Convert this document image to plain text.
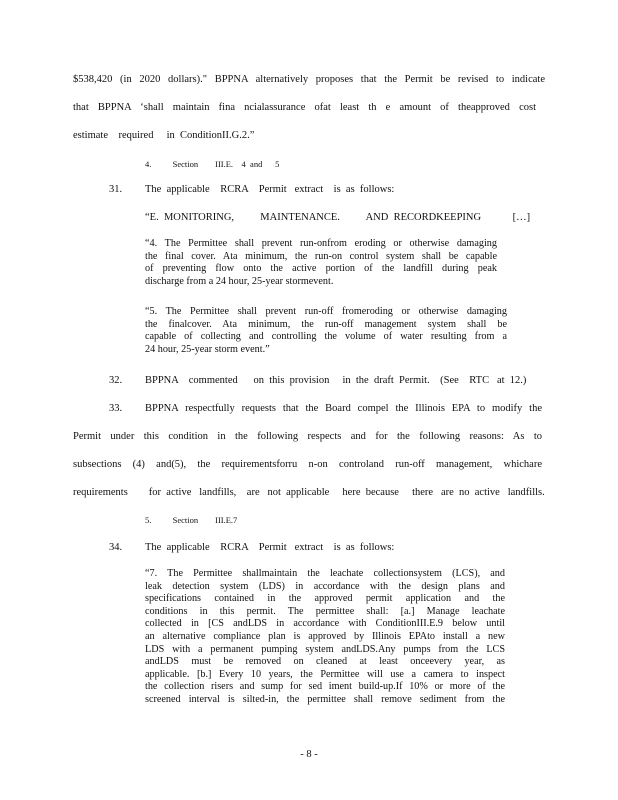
$538,420 (in 2020 dollars)." BPPNA alternatively proposes that the Permit be revised to indicate
that BPPNA ‘shall maintain fina ncialassurance ofat least th e amount of theapproved cost
estimate    required     in  ConditionII.G.2.”
4.          Section        III.E.    4  and      5
31. The  applicable    RCRA    Permit   extract    is  as  follows:
“E.  MONITORING,          MAINTENANCE.          AND  RECORDKEEPING            […]
“4. The Permittee shall prevent run-onfrom eroding or otherwise damaging
the final cover. Ata minimum, the run-on control system shall be capable
of preventing flow onto the active portion of the landfill during peak
discharge from a 24 hour, 25-year stormevent.
“5. The Permittee shall prevent run-off fromeroding or otherwise damaging
the finalcover. Ata minimum, the run-off management system shall be
capable of collecting and controlling the volume of water resulting from a
24 hour, 25-year storm event.”
32. BPPNA    commented      on  this  provision     in  the  draft  Permit.    (See    RTC   at  12.)
33. BPPNA respectfully requests that the Board compel the Illinois EPA to modify the
Permit under this condition in the following respects and for the following reasons: As to
subsections (4) and(5), the requirementsforru n-on controland run-off management, whichare
requirements        for  active   landfills,    are   not  applicable     here  because     there   are  no  active   landfills.
5.          Section        III.E.7
34. The  applicable    RCRA    Permit   extract    is  as  follows:
“7. The Permittee shallmaintain the leachate collectionsystem (LCS), and
leak detection system (LDS) in accordance with the design plans and
specifications contained in the approved permit application and the
conditions in this permit. The permittee shall: [a.] Manage leachate
collected in [CS andLDS in accordance with ConditionIII.E.9 below until
an alternative compliance plan is approved by Illinois EPAto install a new
LDS with a permanent pumping system andLDS.Any pumps from the LCS
andLDS must be removed on cleaned at least onceevery year, as
applicable. [b.] Every 10 years, the Permittee will use a camera to inspect
the collection risers and sump for sed iment build-up.If 10% or more of the
screened interval is silted-in, the permittee shall remove sediment from the
- 8 -
